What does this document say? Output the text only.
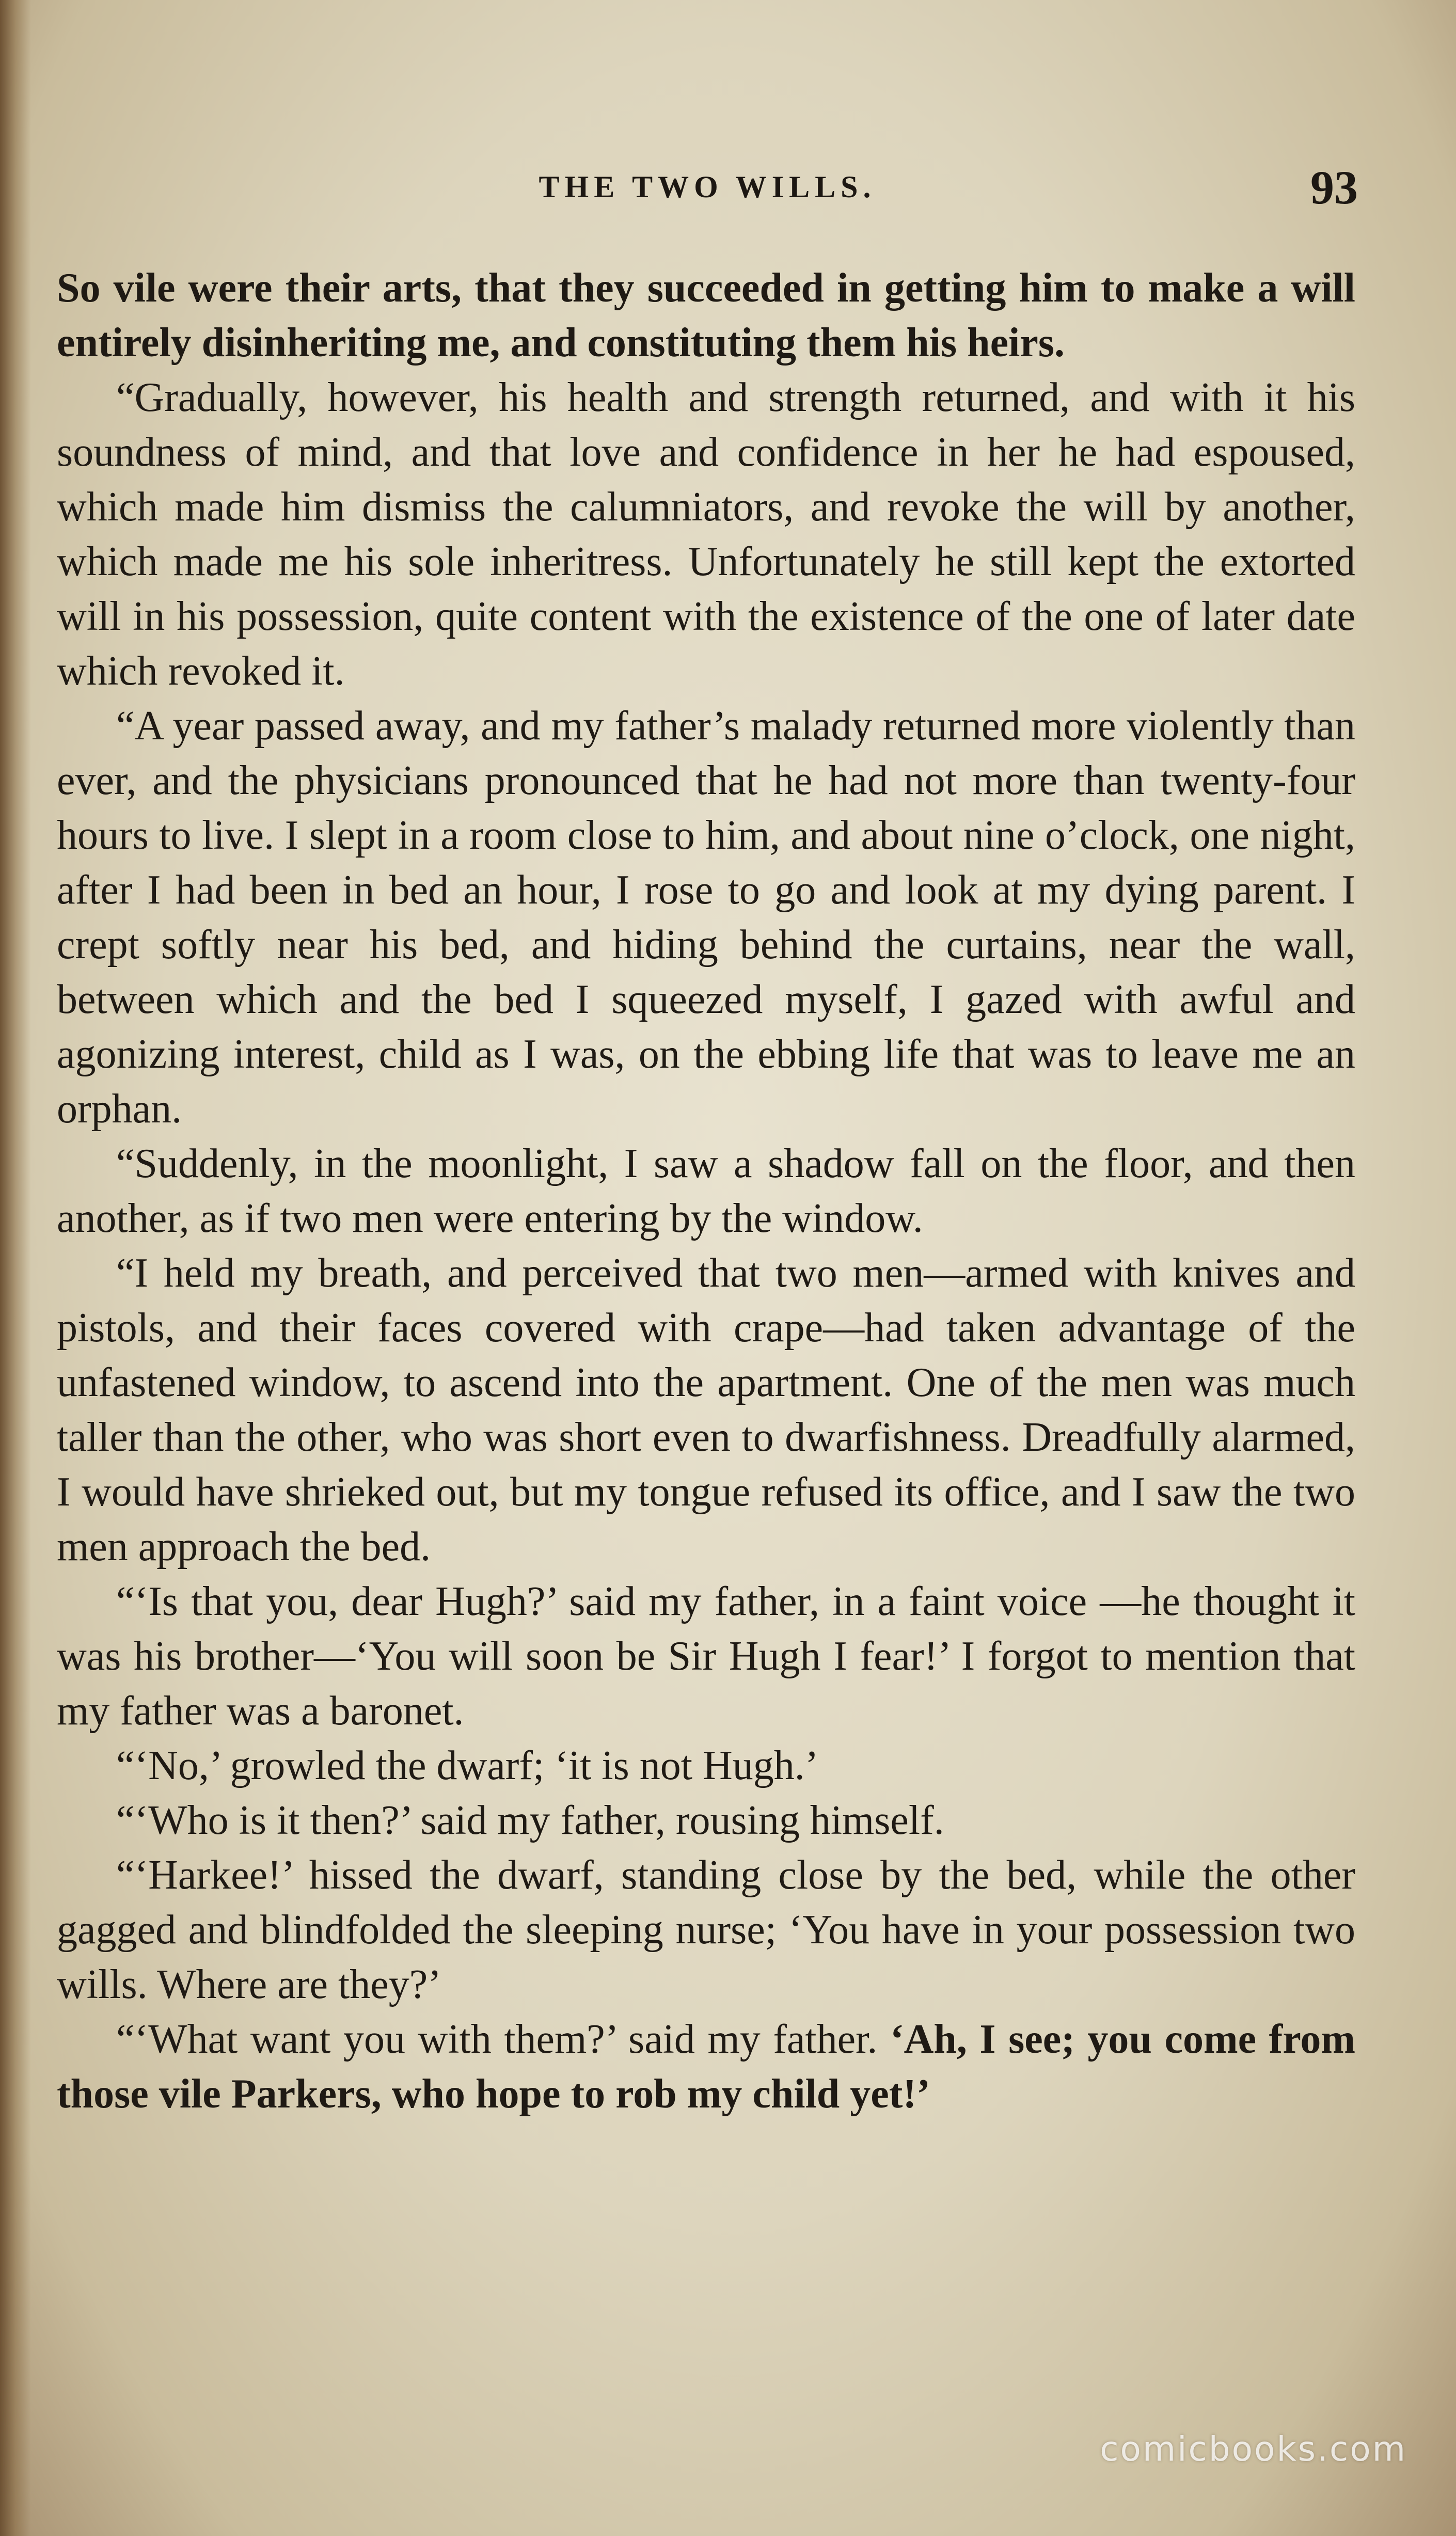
THE TWO WILLS.	93

So vile were their arts, that they succeeded in getting him to make a will entirely disinheriting me, and constituting them his heirs.

“Gradually, however, his health and strength returned, and with it his soundness of mind, and that love and confidence in her he had espoused, which made him dismiss the calumniators, and revoke the will by another, which made me his sole inheritress. Unfortunately he still kept the extorted will in his possession, quite content with the existence of the one of later date which revoked it.

“A year passed away, and my father’s malady returned more violently than ever, and the physicians pronounced that he had not more than twenty-four hours to live. I slept in a room close to him, and about nine o’clock, one night, after I had been in bed an hour, I rose to go and look at my dying parent. I crept softly near his bed, and hiding behind the curtains, near the wall, between which and the bed I squeezed myself, I gazed with awful and agonizing interest, child as I was, on the ebbing life that was to leave me an orphan.

“Suddenly, in the moonlight, I saw a shadow fall on the floor, and then another, as if two men were entering by the window.

“I held my breath, and perceived that two men—armed with knives and pistols, and their faces covered with crape—had taken advantage of the unfastened window, to ascend into the apartment. One of the men was much taller than the other, who was short even to dwarfishness. Dreadfully alarmed, I would have shrieked out, but my tongue refused its office, and I saw the two men approach the bed.

“‘Is that you, dear Hugh?’ said my father, in a faint voice —he thought it was his brother—‘You will soon be Sir Hugh I fear!’ I forgot to mention that my father was a baronet.

“‘No,’ growled the dwarf; ‘it is not Hugh.’

“‘Who is it then?’ said my father, rousing himself.

“‘Harkee!’ hissed the dwarf, standing close by the bed, while the other gagged and blindfolded the sleeping nurse; ‘You have in your possession two wills. Where are they?’

“‘What want you with them?’ said my father. ‘Ah, I see; you come from those vile Parkers, who hope to rob my child yet!’

comicbooks.com
